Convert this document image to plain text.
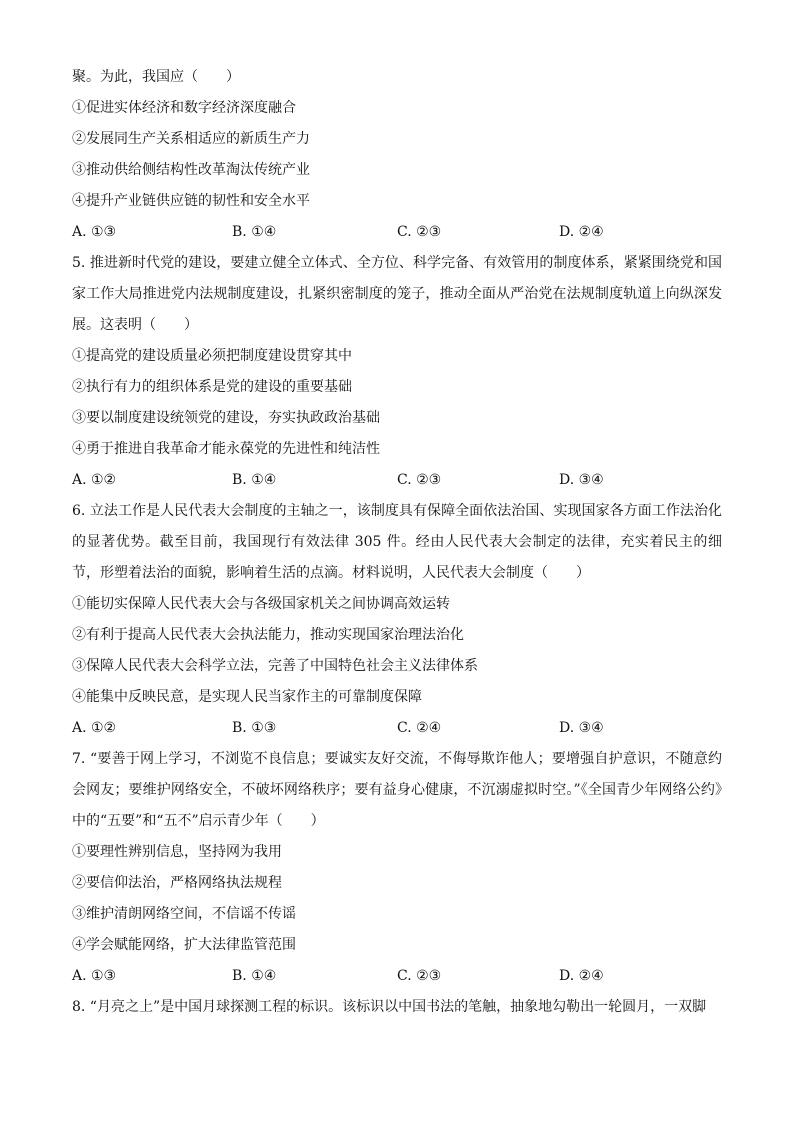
聚。为此，我国应（　　）
①促进实体经济和数字经济深度融合
②发展同生产关系相适应的新质生产力
③推动供给侧结构性改革淘汰传统产业
④提升产业链供应链的韧性和安全水平
A. ①③	B. ①④	C. ②③	D. ②④
5. 推进新时代党的建设，要建立健全立体式、全方位、科学完备、有效管用的制度体系，紧紧围绕党和国家工作大局推进党内法规制度建设，扎紧织密制度的笼子，推动全面从严治党在法规制度轨道上向纵深发展。这表明（　　）
①提高党的建设质量必须把制度建设贯穿其中
②执行有力的组织体系是党的建设的重要基础
③要以制度建设统领党的建设，夯实执政政治基础
④勇于推进自我革命才能永葆党的先进性和纯洁性
A. ①②	B. ①④	C. ②③	D. ③④
6. 立法工作是人民代表大会制度的主轴之一，该制度具有保障全面依法治国、实现国家各方面工作法治化的显著优势。截至目前，我国现行有效法律 305 件。经由人民代表大会制定的法律，充实着民主的细节，形塑着法治的面貌，影响着生活的点滴。材料说明，人民代表大会制度（　　）
①能切实保障人民代表大会与各级国家机关之间协调高效运转
②有利于提高人民代表大会执法能力，推动实现国家治理法治化
③保障人民代表大会科学立法，完善了中国特色社会主义法律体系
④能集中反映民意，是实现人民当家作主的可靠制度保障
A. ①②	B. ①③	C. ②④	D. ③④
7. “要善于网上学习，不浏览不良信息；要诚实友好交流，不侮辱欺诈他人；要增强自护意识，不随意约会网友；要维护网络安全，不破坏网络秩序；要有益身心健康，不沉溺虚拟时空。”《全国青少年网络公约》中的“五要”和“五不”启示青少年（　　）
①要理性辨别信息，坚持网为我用
②要信仰法治，严格网络执法规程
③维护清朗网络空间，不信谣不传谣
④学会赋能网络，扩大法律监管范围
A. ①③	B. ①④	C. ②③	D. ②④
8. “月亮之上”是中国月球探测工程的标识。该标识以中国书法的笔触，抽象地勾勒出一轮圆月，一双脚
